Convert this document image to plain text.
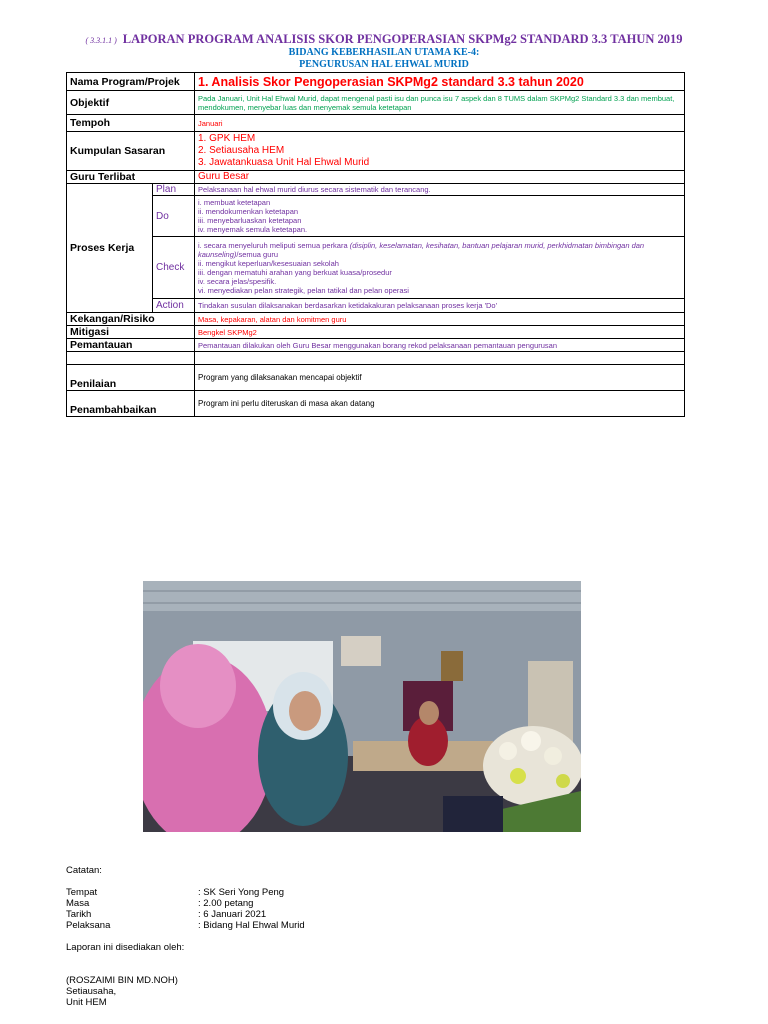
( 3.3.1.1 ) LAPORAN PROGRAM ANALISIS SKOR PENGOPERASIAN SKPMg2 STANDARD 3.3 TAHUN 2019
BIDANG KEBERHASILAN UTAMA KE-4:
PENGURUSAN HAL EHWAL MURID
Nama Program/Projek		1. Analisis Skor Pengoperasian SKPMg2 standard 3.3 tahun 2020
Objektif		Pada Januari, Unit Hal Ehwal Murid, dapat mengenal pasti isu dan punca isu 7 aspek dan 8 TUMS dalam SKPMg2 Standard 3.3 dan membuat, mendokumen, menyebar luas dan menyemak semula ketetapan
Tempoh		Januari
Kumpulan Sasaran		1. GPK HEM
2. Setiausaha HEM
3. Jawatankuasa Unit Hal Ehwal Murid

Guru Terlibat		Guru Besar
Proses Kerja	Plan	Pelaksanaan hal ehwal murid diurus secara sistematik dan terancang.
	Do	i. membuat ketetapan
ii. mendokumenkan ketetapan
iii. menyebarluaskan ketetapan
iv. menyemak semula ketetapan.

	Check	i. secara menyeluruh meliputi semua perkara (disiplin, keselamatan, kesihatan, bantuan pelajaran murid, perkhidmatan bimbingan dan kaunseling)/semua guru
ii. mengikut keperluan/kesesuaian sekolah
iii. dengan mematuhi arahan yang berkuat kuasa/prosedur
iv. secara jelas/spesifik.
vi. menyediakan pelan strategik, pelan tatikal dan pelan operasi

	Action	Tindakan susulan dilaksanakan berdasarkan ketidakakuran pelaksanaan proses kerja 'Do'
Kekangan/Risiko		Masa, kepakaran, alatan dan komitmen guru
Mitigasi		Bengkel SKPMg2
Pemantauan		Pemantauan dilakukan oleh Guru Besar menggunakan borang rekod pelaksanaan pemantauan pengurusan

Penilaian		Program yang dilaksanakan mencapai objektif
Penambahbaikan		Program ini perlu diteruskan di masa akan datang
Catatan:
Tempat	: SK Seri Yong Peng
Masa	: 2.00 petang
Tarikh	: 6 Januari 2021
Pelaksana	: Bidang Hal Ehwal Murid
Laporan ini disediakan oleh:
(ROSZAIMI BIN MD.NOH)
Setiausaha,
Unit HEM
